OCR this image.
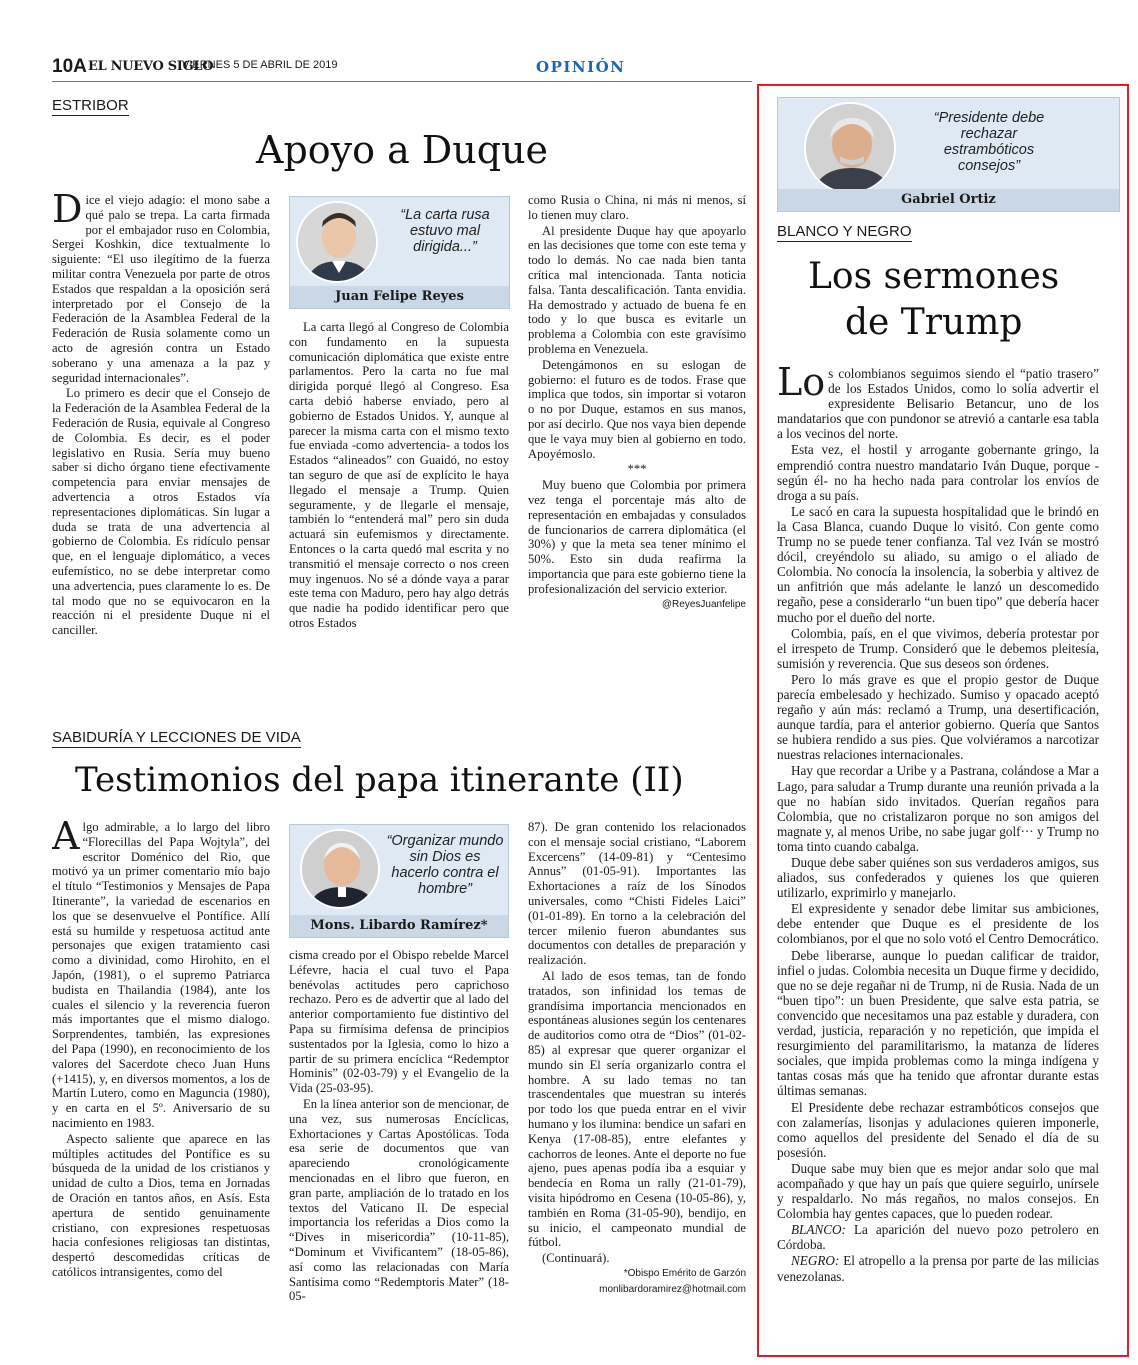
10A EL NUEVO SIGLO
VIERNES 5 DE ABRIL DE 2019	OPINIÓN
ESTRIBOR
Apoyo a Duque

Dice el viejo adagio: el mono sabe a qué palo se trepa. La carta firmada por el embajador ruso en Colombia, Sergei Koshkin, dice textualmente lo siguiente: “El uso ilegítimo de la fuerza militar contra Venezuela por parte de otros Estados que respaldan a la oposición será interpretado por el Consejo de la Federación de la Asamblea Federal de la Federación de Rusia solamente como un acto de agresión contra un Estado soberano y una amenaza a la paz y seguridad internacionales”.

Lo primero es decir que el Consejo de la Federación de la Asamblea Federal de la Federación de Rusia, equivale al Congreso de Colombia. Es decir, es el poder legislativo en Rusia. Sería muy bueno saber si dicho órgano tiene efectivamente competencia para enviar mensajes de advertencia a otros Estados vía representaciones diplomáticas. Sin lugar a duda se trata de una advertencia al gobierno de Colombia. Es ridículo pensar que, en el lenguaje diplomático, a veces eufemístico, no se debe interpretar como una advertencia, pues claramente lo es. De tal modo que no se equivocaron en la reacción ni el presidente Duque ni el canciller.

“La carta rusa estuvo mal dirigida...”
Juan Felipe Reyes

La carta llegó al Congreso de Colombia con fundamento en la supuesta comunicación diplomática que existe entre parlamentos. Pero la carta no fue mal dirigida porqué llegó al Congreso. Esa carta debió haberse enviado, pero al gobierno de Estados Unidos. Y, aunque al parecer la misma carta con el mismo texto fue enviada -como advertencia- a todos los Estados “alineados” con Guaidó, no estoy tan seguro de que así de explícito le haya llegado el mensaje a Trump. Quien seguramente, y de llegarle el mensaje, también lo “entenderá mal” pero sin duda actuará sin eufemismos y directamente. Entonces o la carta quedó mal escrita y no transmitió el mensaje correcto o nos creen muy ingenuos. No sé a dónde vaya a parar este tema con Maduro, pero hay algo detrás que nadie ha podido identificar pero que otros Estados

como Rusia o China, ni más ni menos, sí lo tienen muy claro.

Al presidente Duque hay que apoyarlo en las decisiones que tome con este tema y todo lo demás. No cae nada bien tanta crítica mal intencionada. Tanta noticia falsa. Tanta descalificación. Tanta envidia. Ha demostrado y actuado de buena fe en todo y lo que busca es evitarle un problema a Colombia con este gravísimo problema en Venezuela.

Detengámonos en su eslogan de gobierno: el futuro es de todos. Frase que implica que todos, sin importar si votaron o no por Duque, estamos en sus manos, por así decirlo. Que nos vaya bien depende que le vaya muy bien al gobierno en todo. Apoyémoslo.

***

Muy bueno que Colombia por primera vez tenga el porcentaje más alto de representación en embajadas y consulados de funcionarios de carrera diplomática (el 30%) y que la meta sea tener mínimo el 50%. Esto sin duda reafirma la importancia que para este gobierno tiene la profesionalización del servicio exterior.

@ReyesJuanfelipe

SABIDURÍA Y LECCIONES DE VIDA
Testimonios del papa itinerante (II)

Algo admirable, a lo largo del libro “Florecillas del Papa Wojtyla”, del escritor Doménico del Rio, que motivó ya un primer comentario mío bajo el título “Testimonios y Mensajes de Papa Itinerante”, la variedad de escenarios en los que se desenvuelve el Pontífice. Allí está su humilde y respetuosa actitud ante personajes que exigen tratamiento casi como a divinidad, como Hirohito, en el Japón, (1981), o el supremo Patriarca budista en Thailandia (1984), ante los cuales el silencio y la reverencia fueron más importantes que el mismo dialogo. Sorprendentes, también, las expresiones del Papa (1990), en reconocimiento de los valores del Sacerdote checo Juan Huns (+1415), y, en diversos momentos, a los de Martín Lutero, como en Maguncia (1980), y en carta en el 5º. Aniversario de su nacimiento en 1983.

Aspecto saliente que aparece en las múltiples actitudes del Pontífice es su búsqueda de la unidad de los cristianos y unidad de culto a Dios, tema en Jornadas de Oración en tantos años, en Asís. Esta apertura de sentido genuinamente cristiano, con expresiones respetuosas hacia confesiones religiosas tan distintas, despertó descomedidas críticas de católicos intransigentes, como del

“Organizar mundo sin Dios es hacerlo contra el hombre”
Mons. Libardo Ramírez*

cisma creado por el Obispo rebelde Marcel Léfevre, hacia el cual tuvo el Papa benévolas actitudes pero caprichoso rechazo. Pero es de advertir que al lado del anterior comportamiento fue distintivo del Papa su firmísima defensa de principios sustentados por la Iglesia, como lo hizo a partir de su primera encíclica “Redemptor Hominis” (02-03-79) y el Evangelio de la Vida (25-03-95).

En la línea anterior son de mencionar, de una vez, sus numerosas Encíclicas, Exhortaciones y Cartas Apostólicas. Toda esa serie de documentos que van apareciendo cronológicamente mencionadas en el libro que fueron, en gran parte, ampliación de lo tratado en los textos del Vaticano II. De especial importancia los referidas a Dios como la “Dives in misericordia” (10-11-85), “Dominum et Vivificantem” (18-05-86), así como las relacionadas con María Santísima como “Redemptoris Mater” (18-05-

87). De gran contenido los relacionados con el mensaje social cristiano, “Laborem Excercens” (14-09-81) y “Centesimo Annus” (01-05-91). Importantes las Exhortaciones a raíz de los Sínodos universales, como “Chisti Fideles Laici” (01-01-89). En torno a la celebración del tercer milenio fueron abundantes sus documentos con detalles de preparación y realización.

Al lado de esos temas, tan de fondo tratados, son infinidad los temas de grandísima importancia mencionados en espontáneas alusiones según los centenares de auditorios como otra de “Dios” (01-02-85) al expresar que querer organizar el mundo sin El sería organizarlo contra el hombre. A su lado temas no tan trascendentales que muestran su interés por todo los que pueda entrar en el vivir humano y los ilumina: bendice un safari en Kenya (17-08-85), entre elefantes y cachorros de leones. Ante el deporte no fue ajeno, pues apenas podía iba a esquiar y bendecía en Roma un rally (21-01-79), visita hipódromo en Cesena (10-05-86), y, también en Roma (31-05-90), bendijo, en su inicio, el campeonato mundial de fútbol.

(Continuará).

*Obispo Emérito de Garzón

monlibardoramirez@hotmail.com

“Presidente debe rechazar estrambóticos consejos”
Gabriel Ortiz
BLANCO Y NEGRO
Los sermones
de Trump

Lo s colombianos seguimos siendo el “patio trasero” de los Estados Unidos, como lo solía advertir el expresidente Belisario Betancur, uno de los mandatarios que con pundonor se atrevió a cantarle esa tabla a los vecinos del norte.

Esta vez, el hostil y arrogante gobernante gringo, la emprendió contra nuestro mandatario Iván Duque, porque -según él- no ha hecho nada para controlar los envíos de droga a su país.

Le sacó en cara la supuesta hospitalidad que le brindó en la Casa Blanca, cuando Duque lo visitó. Con gente como Trump no se puede tener confianza. Tal vez Iván se mostró dócil, creyéndolo su aliado, su amigo o el aliado de Colombia. No conocía la insolencia, la soberbia y altivez de un anfitrión que más adelante le lanzó un descomedido regaño, pese a considerarlo “un buen tipo” que debería hacer mucho por el dueño del norte.

Colombia, país, en el que vivimos, debería protestar por el irrespeto de Trump. Consideró que le debemos pleitesía, sumisión y reverencia. Que sus deseos son órdenes.

Pero lo más grave es que el propio gestor de Duque parecía embelesado y hechizado. Sumiso y opacado aceptó regaño y aún más: reclamó a Trump, una desertificación, aunque tardía, para el anterior gobierno. Quería que Santos se hubiera rendido a sus pies. Que volviéramos a narcotizar nuestras relaciones internacionales.

Hay que recordar a Uribe y a Pastrana, colándose a Mar a Lago, para saludar a Trump durante una reunión privada a la que no habían sido invitados. Querían regaños para Colombia, que no cristalizaron porque no son amigos del magnate y, al menos Uribe, no sabe jugar golf··· y Trump no toma tinto cuando cabalga.

Duque debe saber quiénes son sus verdaderos amigos, sus aliados, sus confederados y quienes los que quieren utilizarlo, exprimirlo y manejarlo.

El expresidente y senador debe limitar sus ambiciones, debe entender que Duque es el presidente de los colombianos, por el que no solo votó el Centro Democrático.

Debe liberarse, aunque lo puedan calificar de traidor, infiel o judas. Colombia necesita un Duque firme y decidido, que no se deje regañar ni de Trump, ni de Rusia. Nada de un “buen tipo”: un buen Presidente, que salve esta patria, se convencido que necesitamos una paz estable y duradera, con verdad, justicia, reparación y no repetición, que impida el resurgimiento del paramilitarismo, la matanza de líderes sociales, que impida problemas como la minga indígena y tantas cosas más que ha tenido que afrontar durante estas últimas semanas.

El Presidente debe rechazar estrambóticos consejos que con zalamerías, lisonjas y adulaciones quieren imponerle, como aquellos del presidente del Senado el día de su posesión.

Duque sabe muy bien que es mejor andar solo que mal acompañado y que hay un país que quiere seguirlo, unírsele y respaldarlo. No más regaños, no malos consejos. En Colombia hay gentes capaces, que lo pueden rodear.

BLANCO: La aparición del nuevo pozo petrolero en Córdoba.

NEGRO: El atropello a la prensa por parte de las milicias venezolanas.
